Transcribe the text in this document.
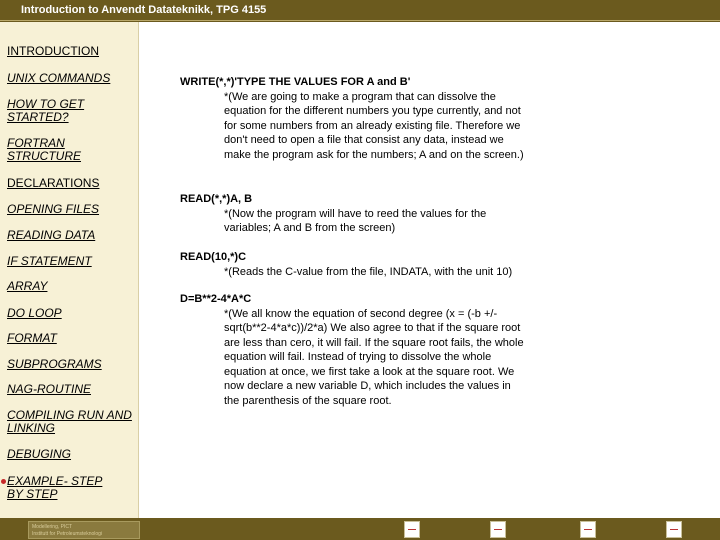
Introduction to Anvendt Datateknikk, TPG 4155
INTRODUCTION
UNIX COMMANDS
HOW TO GET STARTED?
FORTRAN STRUCTURE
DECLARATIONS
OPENING FILES
READING DATA
IF STATEMENT
ARRAY
DO LOOP
FORMAT
SUBPROGRAMS
NAG-ROUTINE
COMPILING RUN AND LINKING
DEBUGING
EXAMPLE- STEP BY STEP
WRITE(*,*)'TYPE THE VALUES FOR A and B'
*(We are going to make a program that can dissolve the equation for the different numbers you type currently, and not for some numbers from an already existing file. Therefore we don't need to open a file that consist any data, instead we make the program ask for the numbers; A and on the screen.)
READ(*,*)A, B
*(Now the program will have to reed the values for the variables; A and B from the screen)
READ(10,*)C
*(Reads the C-value from the file, INDATA, with the unit 10)
D=B**2-4*A*C
*(We all know the equation of second degree (x = (-b +/- sqrt(b**2-4*a*c))/2*a) We also agree to that if the square root are less than cero, it will fail. If the square root fails, the whole equation will fail. Instead of trying to dissolve the whole equation at once, we first take a look at the square root. We now declare a new variable D, which includes the values in the parenthesis of the square root.
Modellering, PICT
Institutt for Petroleumsteknologi
